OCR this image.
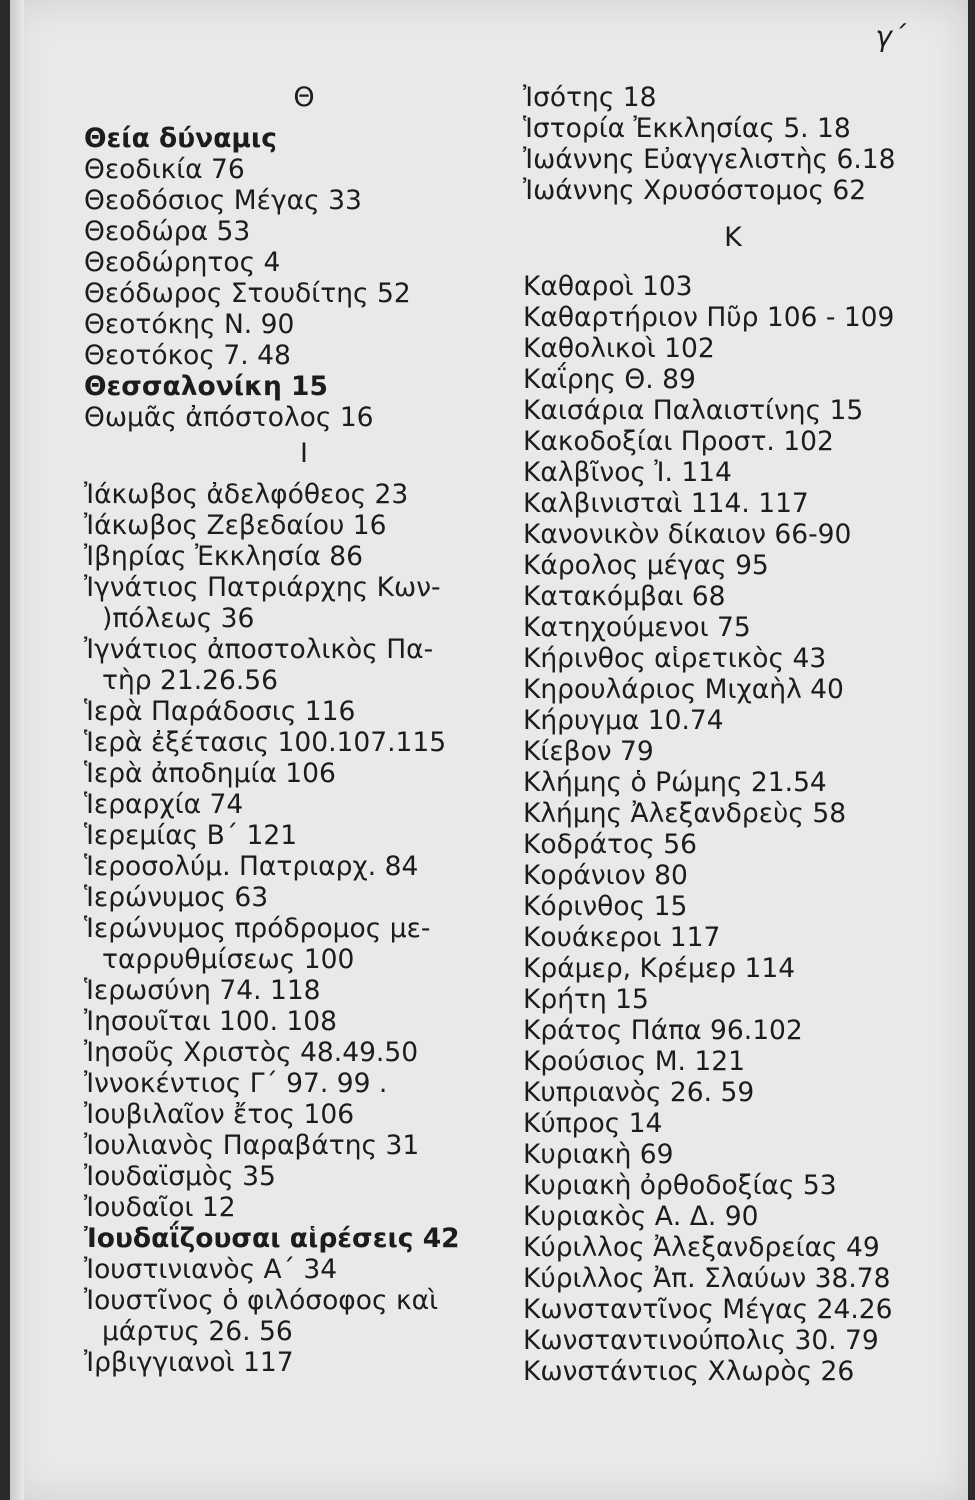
γ΄
Θ
Θεία δύναμις
Θεοδικία 76
Θεοδόσιος Μέγας 33
Θεοδώρα 53
Θεοδώρητος 4
Θεόδωρος Στουδίτης 52
Θεοτόκης Ν. 90
Θεοτόκος 7. 48
Θεσσαλονίκη 15
Θωμᾶς ἀπόστολος 16
Ι
Ἰάκωβος ἀδελφόθεος 23
Ἰάκωβος Ζεβεδαίου 16
Ἰβηρίας Ἐκκλησία 86
Ἰγνάτιος Πατριάρχης Κων-
)πόλεως 36
Ἰγνάτιος ἀποστολικὸς Πα-
τὴρ 21.26.56
Ἱερὰ Παράδοσις 116
Ἱερὰ ἐξέτασις 100.107.115
Ἱερὰ ἀποδημία 106
Ἱεραρχία 74
Ἱερεμίας Β΄ 121
Ἱεροσολύμ. Πατριαρχ. 84
Ἱερώνυμος 63
Ἱερώνυμος πρόδρομος με-
ταρρυθμίσεως 100
Ἱερωσύνη 74. 118
Ἰησουῖται 100. 108
Ἰησοῦς Χριστὸς 48.49.50
Ἰννοκέντιος Γ΄ 97. 99 .
Ἰουβιλαῖον ἔτος 106
Ἰουλιανὸς Παραβάτης 31
Ἰουδαϊσμὸς 35
Ἰουδαῖοι 12
Ἰουδαΐζουσαι αἱρέσεις 42
Ἰουστινιανὸς Α΄ 34
Ἰουστῖνος ὁ φιλόσοφος καὶ
μάρτυς 26. 56
Ἰρβιγγιανοὶ 117
Ἰσότης 18
Ἱστορία Ἐκκλησίας 5. 18
Ἰωάννης Εὐαγγελιστὴς 6.18
Ἰωάννης Χρυσόστομος 62
Κ
Καθαροὶ 103
Καθαρτήριον Πῦρ 106 - 109
Καθολικοὶ 102
Καΐρης Θ. 89
Καισάρια Παλαιστίνης 15
Κακοδοξίαι Προστ. 102
Καλβῖνος Ἰ. 114
Καλβινισταὶ 114. 117
Κανονικὸν δίκαιον 66-90
Κάρολος μέγας 95
Κατακόμβαι 68
Κατηχούμενοι 75
Κήρινθος αἱρετικὸς 43
Κηρουλάριος Μιχαὴλ 40
Κήρυγμα 10.74
Κίεβον 79
Κλήμης ὁ Ρώμης 21.54
Κλήμης Ἀλεξανδρεὺς 58
Κοδράτος 56
Κοράνιον 80
Κόρινθος 15
Κουάκεροι 117
Κράμερ, Κρέμερ 114
Κρήτη 15
Κράτος Πάπα 96.102
Κρούσιος Μ. 121
Κυπριανὸς 26. 59
Κύπρος 14
Κυριακὴ 69
Κυριακὴ ὀρθοδοξίας 53
Κυριακὸς Α. Δ. 90
Κύριλλος Ἀλεξανδρείας 49
Κύριλλος Ἀπ. Σλαύων 38.78
Κωνσταντῖνος Μέγας 24.26
Κωνσταντινούπολις 30. 79
Κωνστάντιος Χλωρὸς 26
